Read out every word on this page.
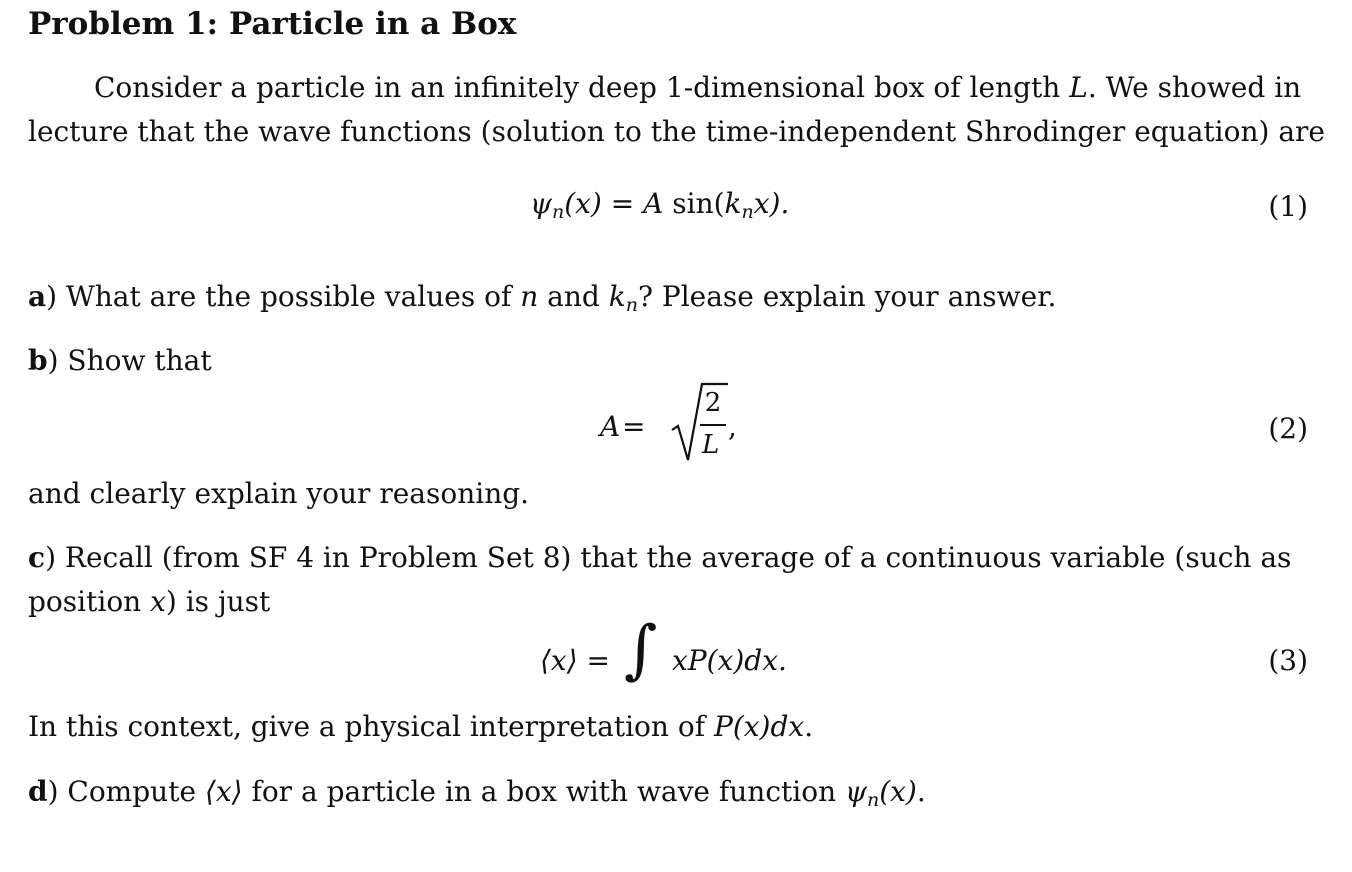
Problem 1: Particle in a Box
Consider a particle in an infinitely deep 1-dimensional box of length L. We showed in
lecture that the wave functions (solution to the time-independent Shrodinger equation) are
ψn(x) = A sin(knx).	(1)
a) What are the possible values of n and kn? Please explain your answer.
b) Show that
A =
2
L
,	(2)
and clearly explain your reasoning.
c) Recall (from SF 4 in Problem Set 8) that the average of a continuous variable (such as
position x) is just
⟨x⟩ = ∫ xP(x)dx.	(3)
In this context, give a physical interpretation of P(x)dx.
d) Compute ⟨x⟩ for a particle in a box with wave function ψn(x).
